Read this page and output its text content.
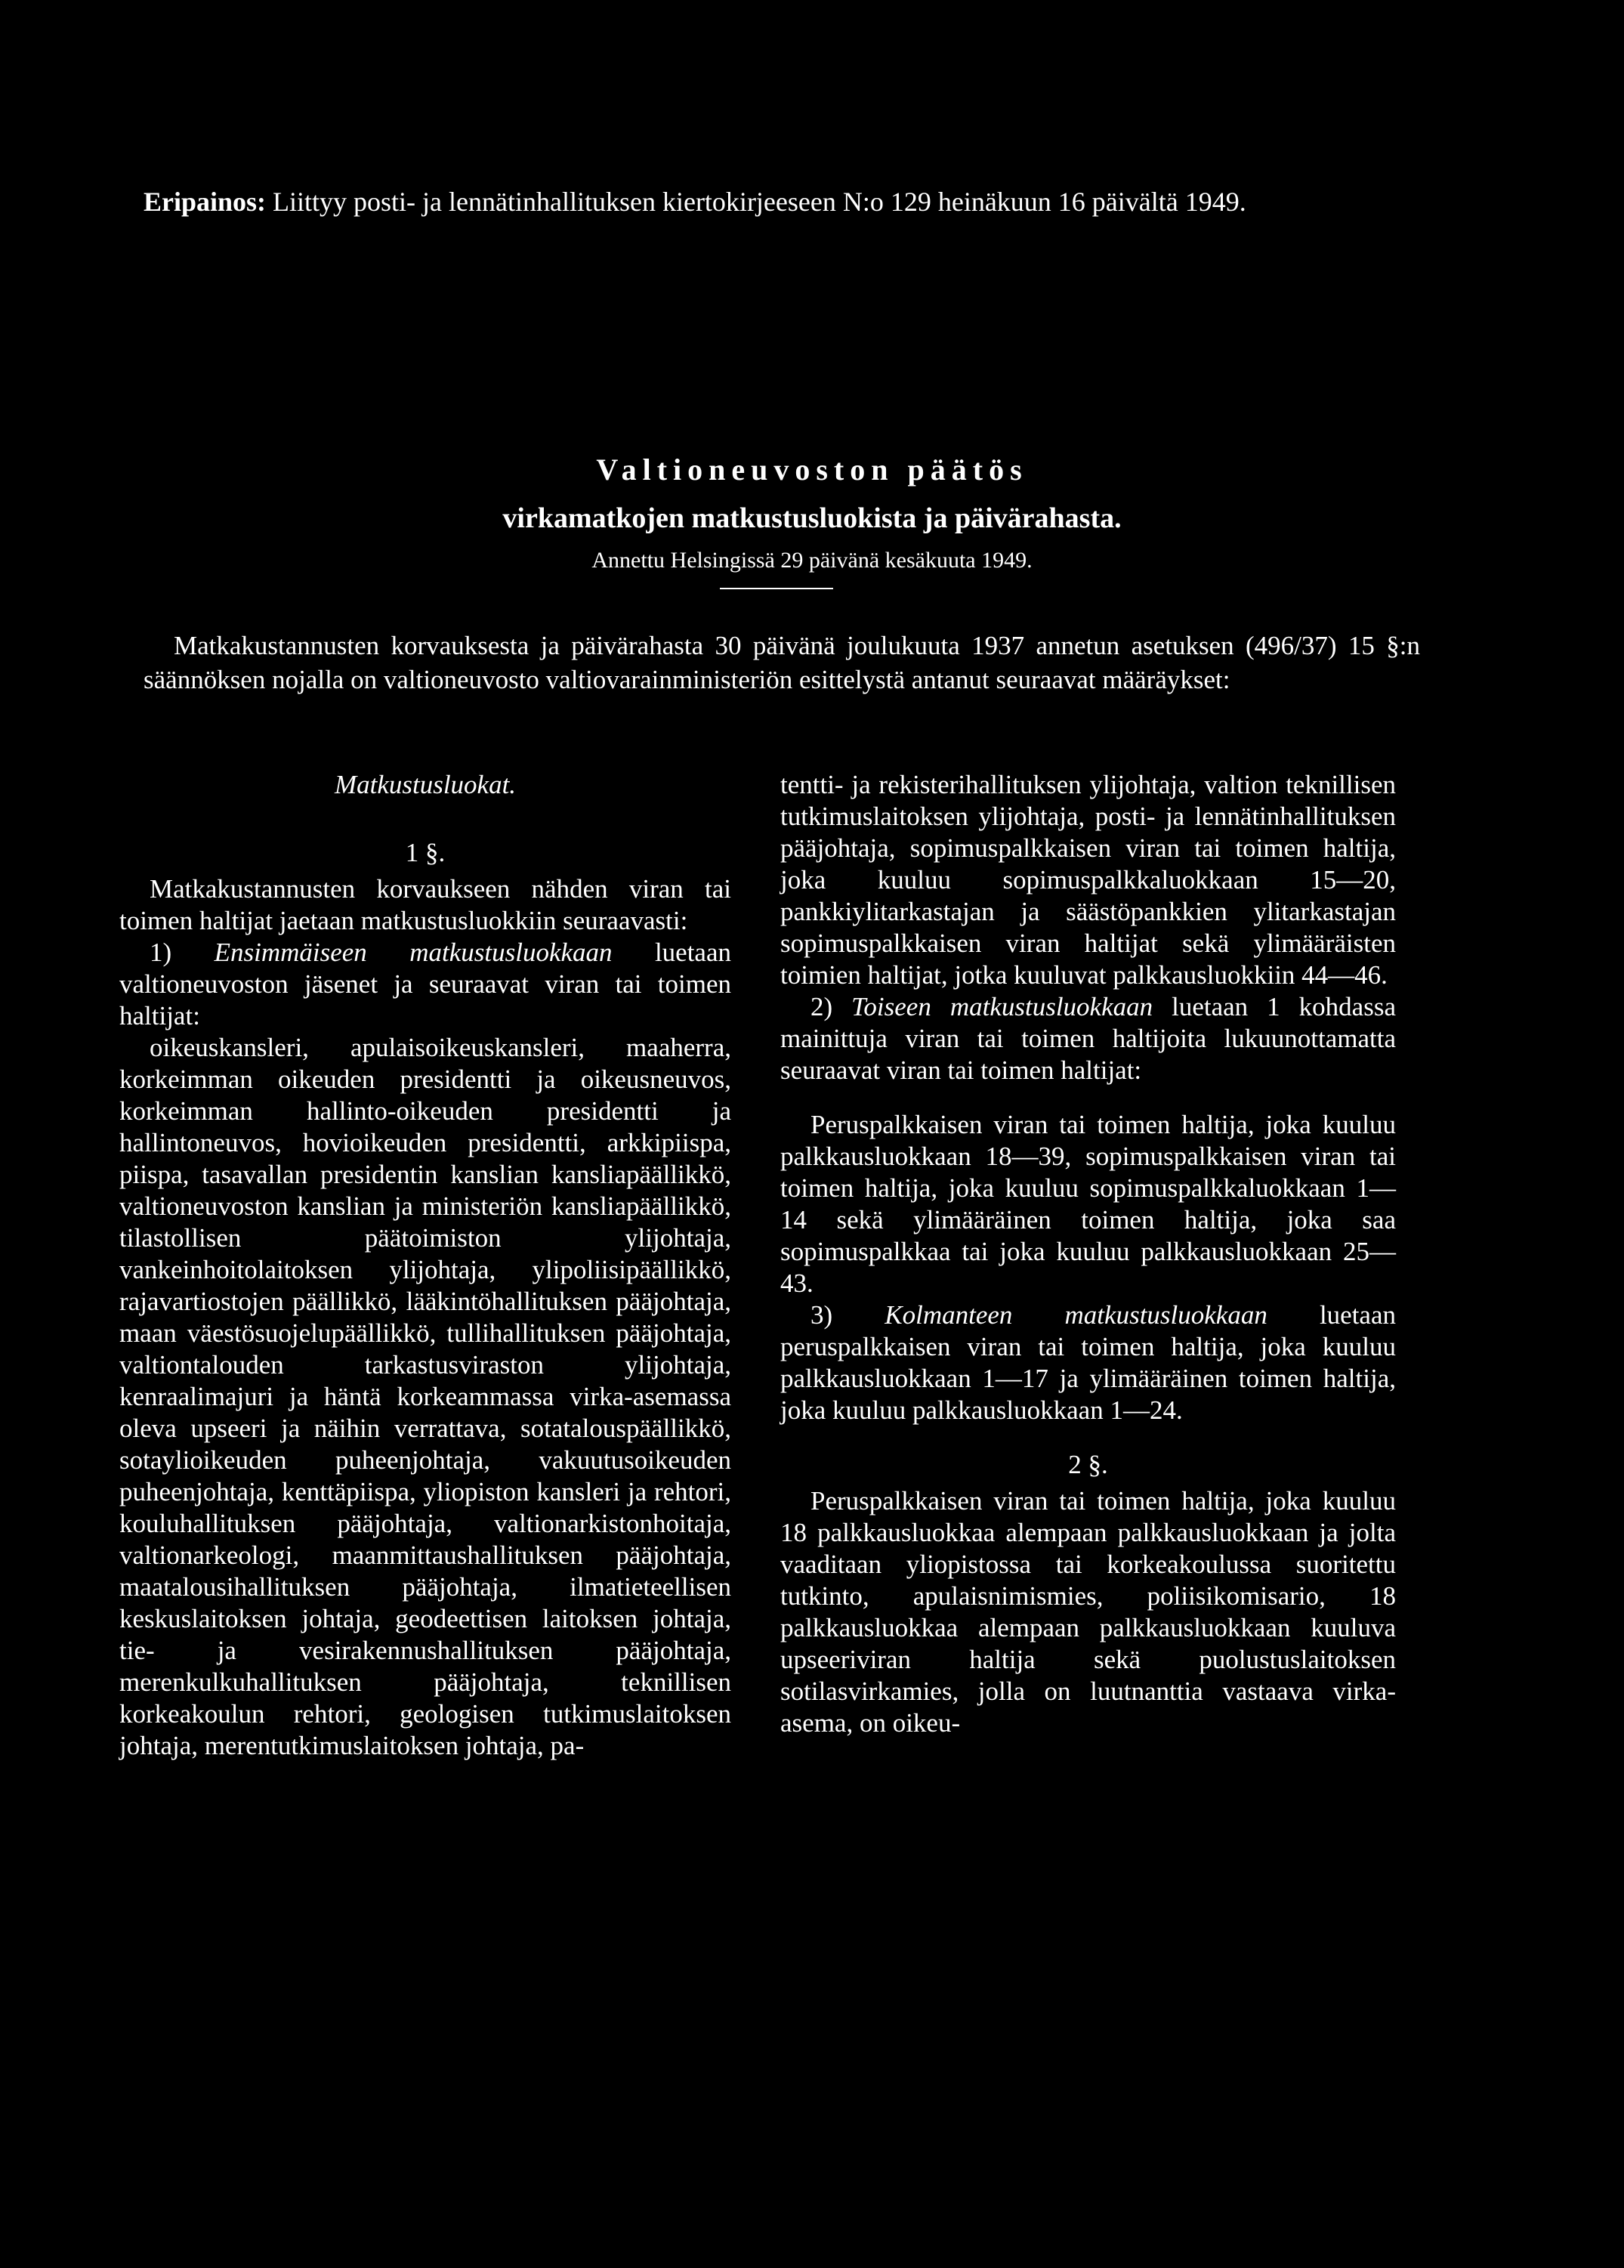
Eripainos: Liittyy posti- ja lennätinhallituksen kiertokirjeeseen N:o 129 heinäkuun 16 päivältä 1949.
Valtioneuvoston päätös
virkamatkojen matkustusluokista ja päivärahasta.
Annettu Helsingissä 29 päivänä kesäkuuta 1949.
Matkakustannusten korvauksesta ja päivärahasta 30 päivänä joulukuuta 1937 annetun asetuksen (496/37) 15 §:n säännöksen nojalla on valtioneuvosto valtiovarainministeriön esittelystä antanut seuraavat määräykset:

Matkustusluokat.

1 §.

Matkakustannusten korvaukseen nähden viran tai toimen haltijat jaetaan matkustusluokkiin seuraavasti:

1) Ensimmäiseen matkustusluokkaan luetaan valtioneuvoston jäsenet ja seuraavat viran tai toimen haltijat:

oikeuskansleri, apulaisoikeuskansleri, maaherra, korkeimman oikeuden presidentti ja oikeusneuvos, korkeimman hallinto-oikeuden presidentti ja hallintoneuvos, hovioikeuden presidentti, arkkipiispa, piispa, tasavallan presidentin kanslian kansliapäällikkö, valtioneuvoston kanslian ja ministeriön kansliapäällikkö, tilastollisen päätoimiston ylijohtaja, vankeinhoitolaitoksen ylijohtaja, ylipoliisipäällikkö, rajavartiostojen päällikkö, lääkintöhallituksen pääjohtaja, maan väestösuojelupäällikkö, tullihallituksen pääjohtaja, valtiontalouden tarkastusviraston ylijohtaja, kenraalimajuri ja häntä korkeammassa virka-asemassa oleva upseeri ja näihin verrattava, sotatalouspäällikkö, sotaylioikeuden puheenjohtaja, vakuutusoikeuden puheenjohtaja, kenttäpiispa, yliopiston kansleri ja rehtori, kouluhallituksen pääjohtaja, valtionarkistonhoitaja, valtionarkeologi, maanmittaushallituksen pääjohtaja, maatalousihallituksen pääjohtaja, ilmatieteellisen keskuslaitoksen johtaja, geodeettisen laitoksen johtaja, tie- ja vesirakennushallituksen pääjohtaja, merenkulkuhallituksen pääjohtaja, teknillisen korkeakoulun rehtori, geologisen tutkimuslaitoksen johtaja, merentutkimuslaitoksen johtaja, pa-

tentti- ja rekisterihallituksen ylijohtaja, valtion teknillisen tutkimuslaitoksen ylijohtaja, posti- ja lennätinhallituksen pääjohtaja, sopimuspalkkaisen viran tai toimen haltija, joka kuuluu sopimuspalkkaluokkaan 15—20, pankkiylitarkastajan ja säästöpankkien ylitarkastajan sopimuspalkkaisen viran haltijat sekä ylimääräisten toimien haltijat, jotka kuuluvat palkkausluokkiin 44—46.

2) Toiseen matkustusluokkaan luetaan 1 kohdassa mainittuja viran tai toimen haltijoita lukuunottamatta seuraavat viran tai toimen haltijat:

Peruspalkkaisen viran tai toimen haltija, joka kuuluu palkkausluokkaan 18—39, sopimuspalkkaisen viran tai toimen haltija, joka kuuluu sopimuspalkkaluokkaan 1—14 sekä ylimääräinen toimen haltija, joka saa sopimuspalkkaa tai joka kuuluu palkkausluokkaan 25—43.

3) Kolmanteen matkustusluokkaan luetaan peruspalkkaisen viran tai toimen haltija, joka kuuluu palkkausluokkaan 1—17 ja ylimääräinen toimen haltija, joka kuuluu palkkausluokkaan 1—24.

2 §.

Peruspalkkaisen viran tai toimen haltija, joka kuuluu 18 palkkausluokkaa alempaan palkkausluokkaan ja jolta vaaditaan yliopistossa tai korkeakoulussa suoritettu tutkinto, apulaisnimismies, poliisikomisario, 18 palkkausluokkaa alempaan palkkausluokkaan kuuluva upseeriviran haltija sekä puolustuslaitoksen sotilasvirkamies, jolla on luutnanttia vastaava virka-asema, on oikeu-
